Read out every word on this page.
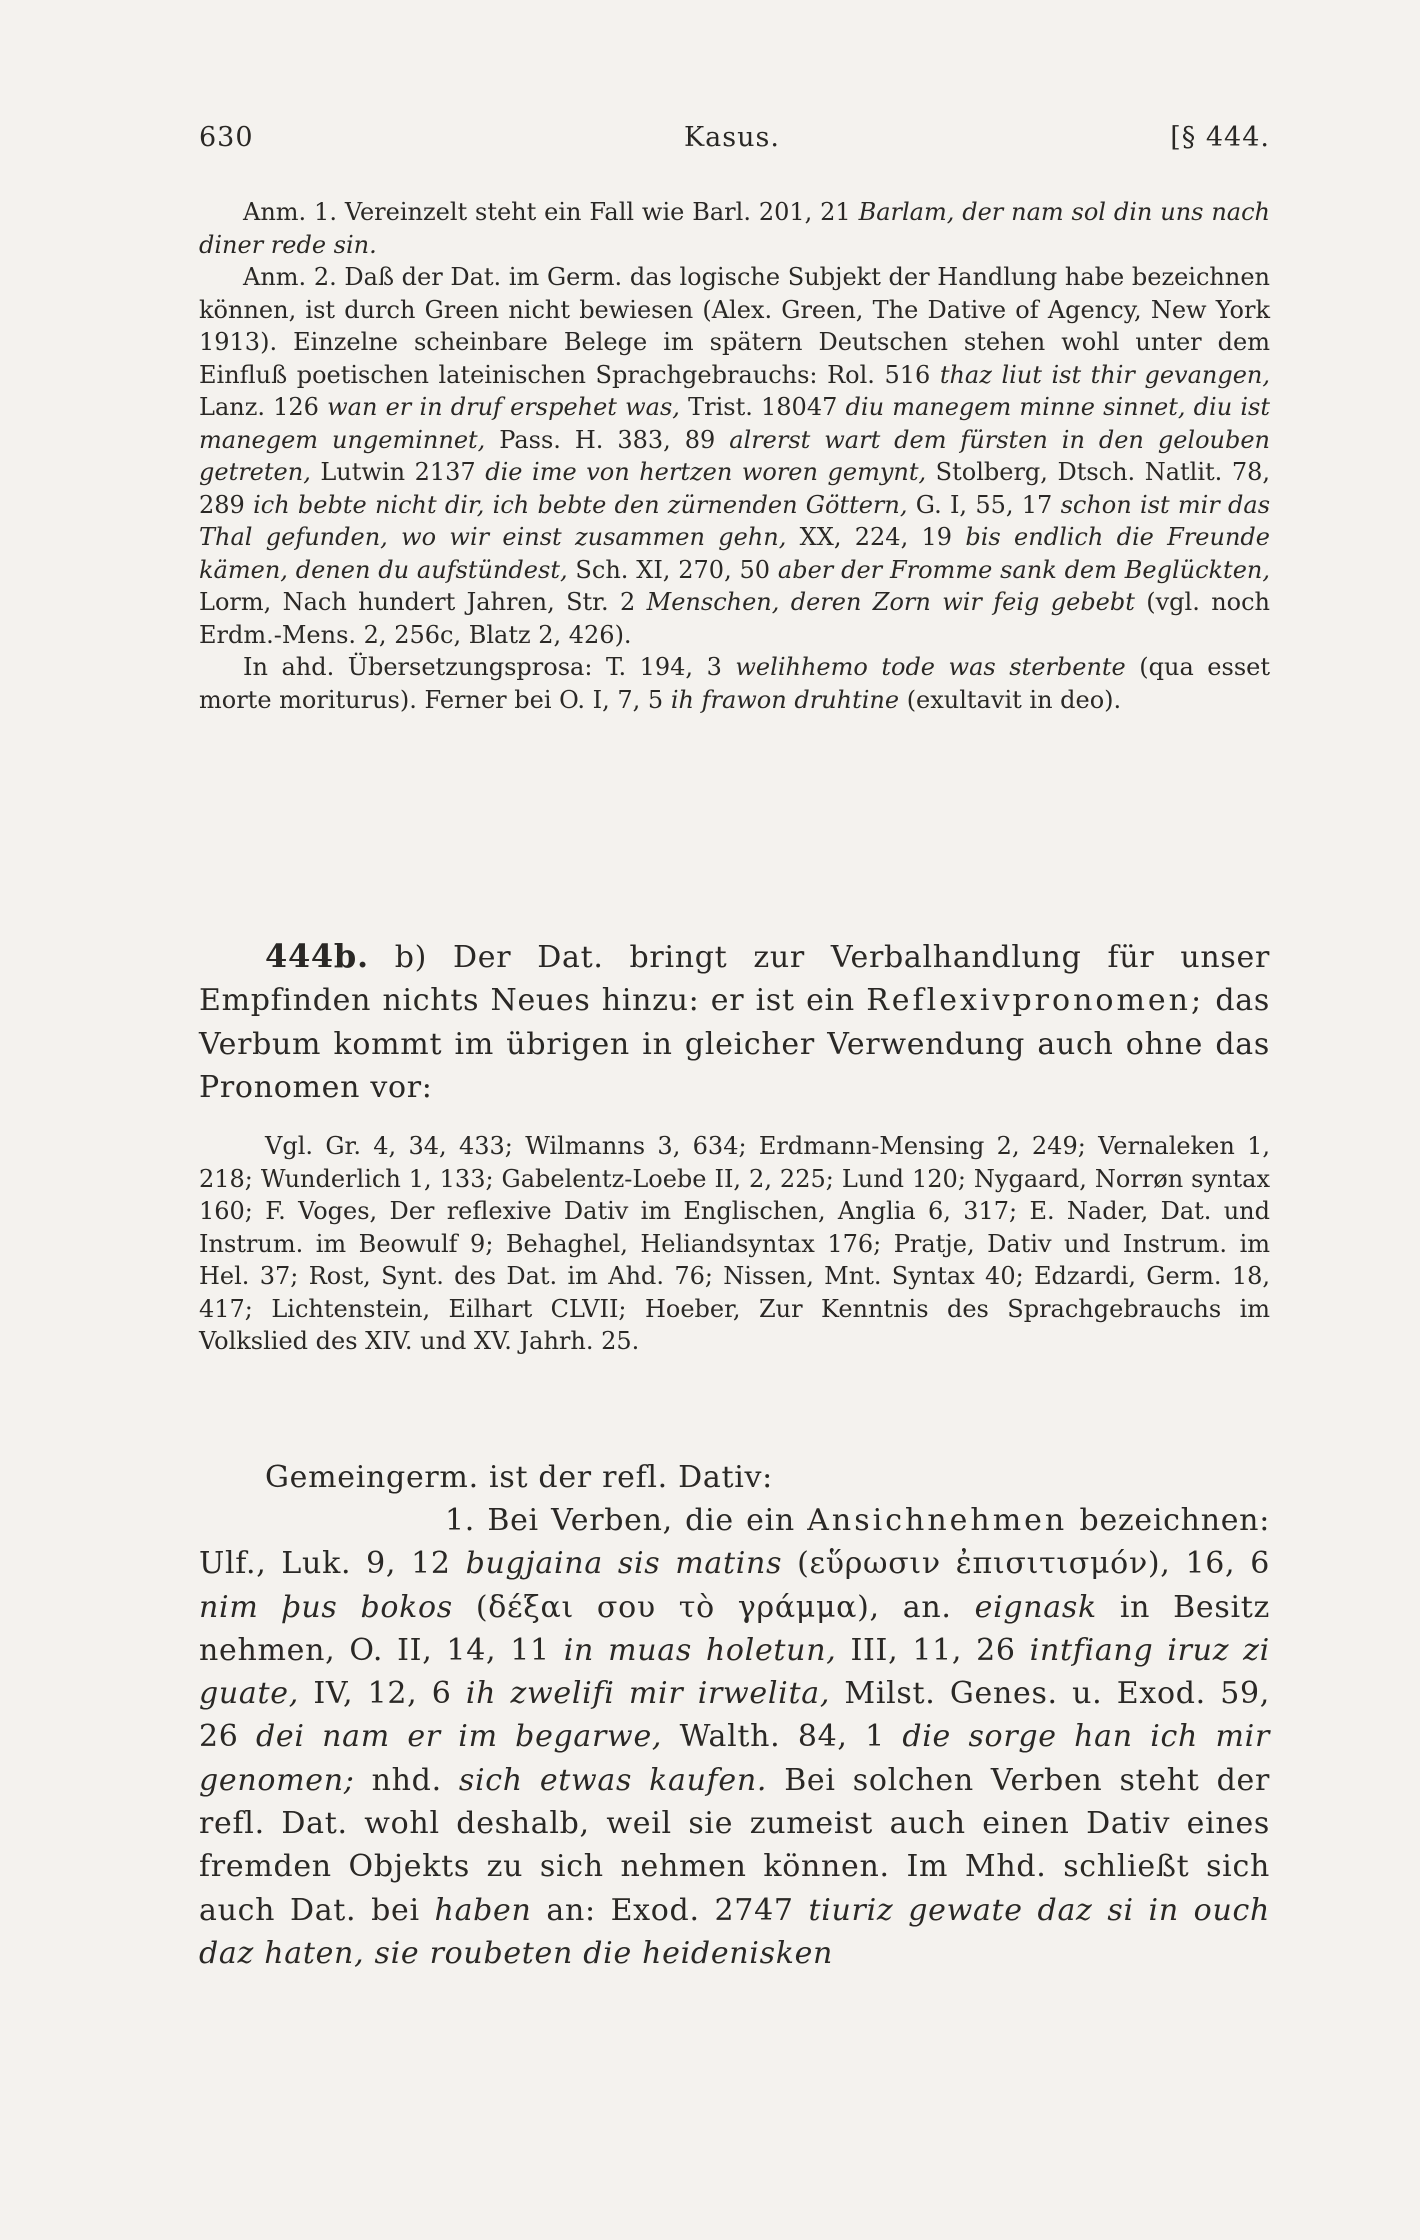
630	Kasus.	[§ 444.

Anm. 1. Vereinzelt steht ein Fall wie Barl. 201, 21 Barlam, der nam sol din uns nach diner rede sin.

Anm. 2. Daß der Dat. im Germ. das logische Subjekt der Handlung habe bezeichnen können, ist durch Green nicht bewiesen (Alex. Green, The Dative of Agency, New York 1913). Einzelne scheinbare Belege im spätern Deutschen stehen wohl unter dem Einfluß poetischen lateinischen Sprachgebrauchs: Rol. 516 thaz liut ist thir gevangen, Lanz. 126 wan er in druf erspehet was, Trist. 18047 diu manegem minne sinnet, diu ist manegem ungeminnet, Pass. H. 383, 89 alrerst wart dem fürsten in den gelouben getreten, Lutwin 2137 die ime von hertzen woren gemynt, Stolberg, Dtsch. Natlit. 78, 289 ich bebte nicht dir, ich bebte den zürnenden Göttern, G. I, 55, 17 schon ist mir das Thal gefunden, wo wir einst zusammen gehn, XX, 224, 19 bis endlich die Freunde kämen, denen du aufstündest, Sch. XI, 270, 50 aber der Fromme sank dem Beglückten, Lorm, Nach hundert Jahren, Str. 2 Menschen, deren Zorn wir feig gebebt (vgl. noch Erdm.-Mens. 2, 256c, Blatz 2, 426).

In ahd. Übersetzungsprosa: T. 194, 3 welihhemo tode was sterbente (qua esset morte moriturus). Ferner bei O. I, 7, 5 ih frawon druhtine (exultavit in deo).

444b. b) Der Dat. bringt zur Verbalhandlung für unser Empfinden nichts Neues hinzu: er ist ein Reflexivpronomen; das Verbum kommt im übrigen in gleicher Verwendung auch ohne das Pronomen vor:

Vgl. Gr. 4, 34, 433; Wilmanns 3, 634; Erdmann-Mensing 2, 249; Vernaleken 1, 218; Wunderlich 1, 133; Gabelentz-Loebe II, 2, 225; Lund 120; Nygaard, Norrøn syntax 160; F. Voges, Der reflexive Dativ im Englischen, Anglia 6, 317; E. Nader, Dat. und Instrum. im Beowulf 9; Behaghel, Heliandsyntax 176; Pratje, Dativ und Instrum. im Hel. 37; Rost, Synt. des Dat. im Ahd. 76; Nissen, Mnt. Syntax 40; Edzardi, Germ. 18, 417; Lichtenstein, Eilhart CLVII; Hoeber, Zur Kenntnis des Sprachgebrauchs im Volkslied des XIV. und XV. Jahrh. 25.

Gemeingerm. ist der refl. Dativ:

1. Bei Verben, die ein Ansichnehmen bezeichnen: Ulf., Luk. 9, 12 bugjaina sis matins (εὕρωσιν ἐπισιτισμόν), 16, 6 nim þus bokos (δέξαι σου τὸ γράμμα), an. eignask in Besitz nehmen, O. II, 14, 11 in muas holetun, III, 11, 26 intfiang iruz zi guate, IV, 12, 6 ih zwelifi mir irwelita, Milst. Genes. u. Exod. 59, 26 dei nam er im begarwe, Walth. 84, 1 die sorge han ich mir genomen; nhd. sich etwas kaufen. Bei solchen Verben steht der refl. Dat. wohl deshalb, weil sie zumeist auch einen Dativ eines fremden Objekts zu sich nehmen können. Im Mhd. schließt sich auch Dat. bei haben an: Exod. 2747 tiuriz gewate daz si in ouch daz haten, sie roubeten die heidenisken
